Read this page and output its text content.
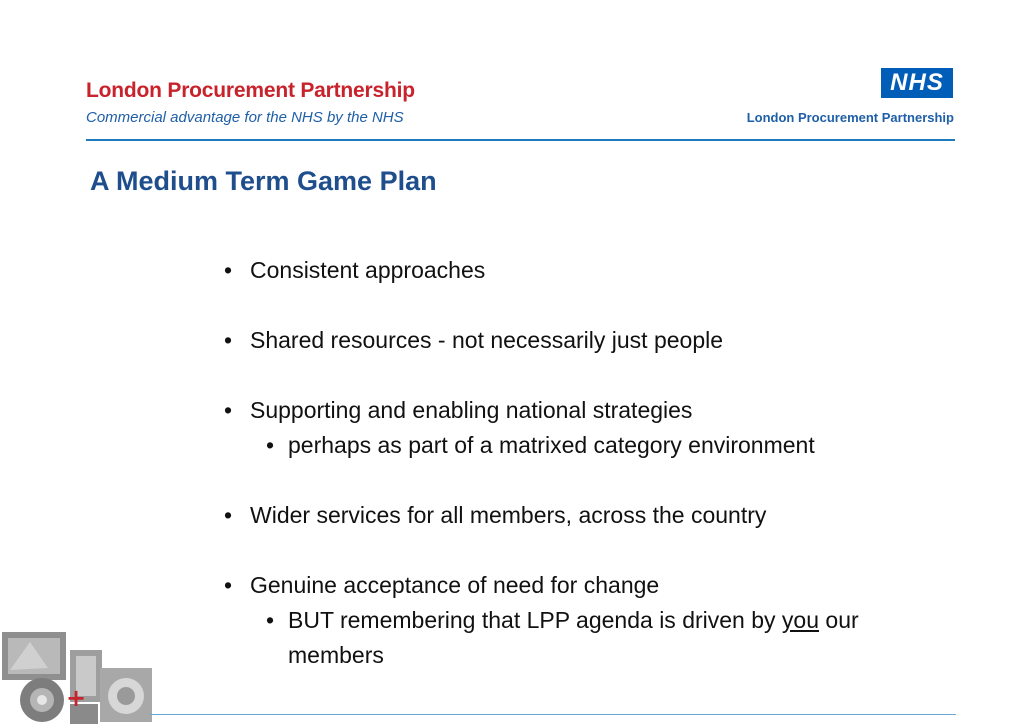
London Procurement Partnership
Commercial advantage for the NHS by the NHS
NHS
London Procurement Partnership
A Medium Term Game Plan
• Consistent approaches
• Shared resources - not necessarily just people
• Supporting and enabling national strategies
• perhaps as part of a matrixed category environment
• Wider services for all members, across the country
• Genuine acceptance of need for change
• BUT remembering that LPP agenda is driven by you our members
+
